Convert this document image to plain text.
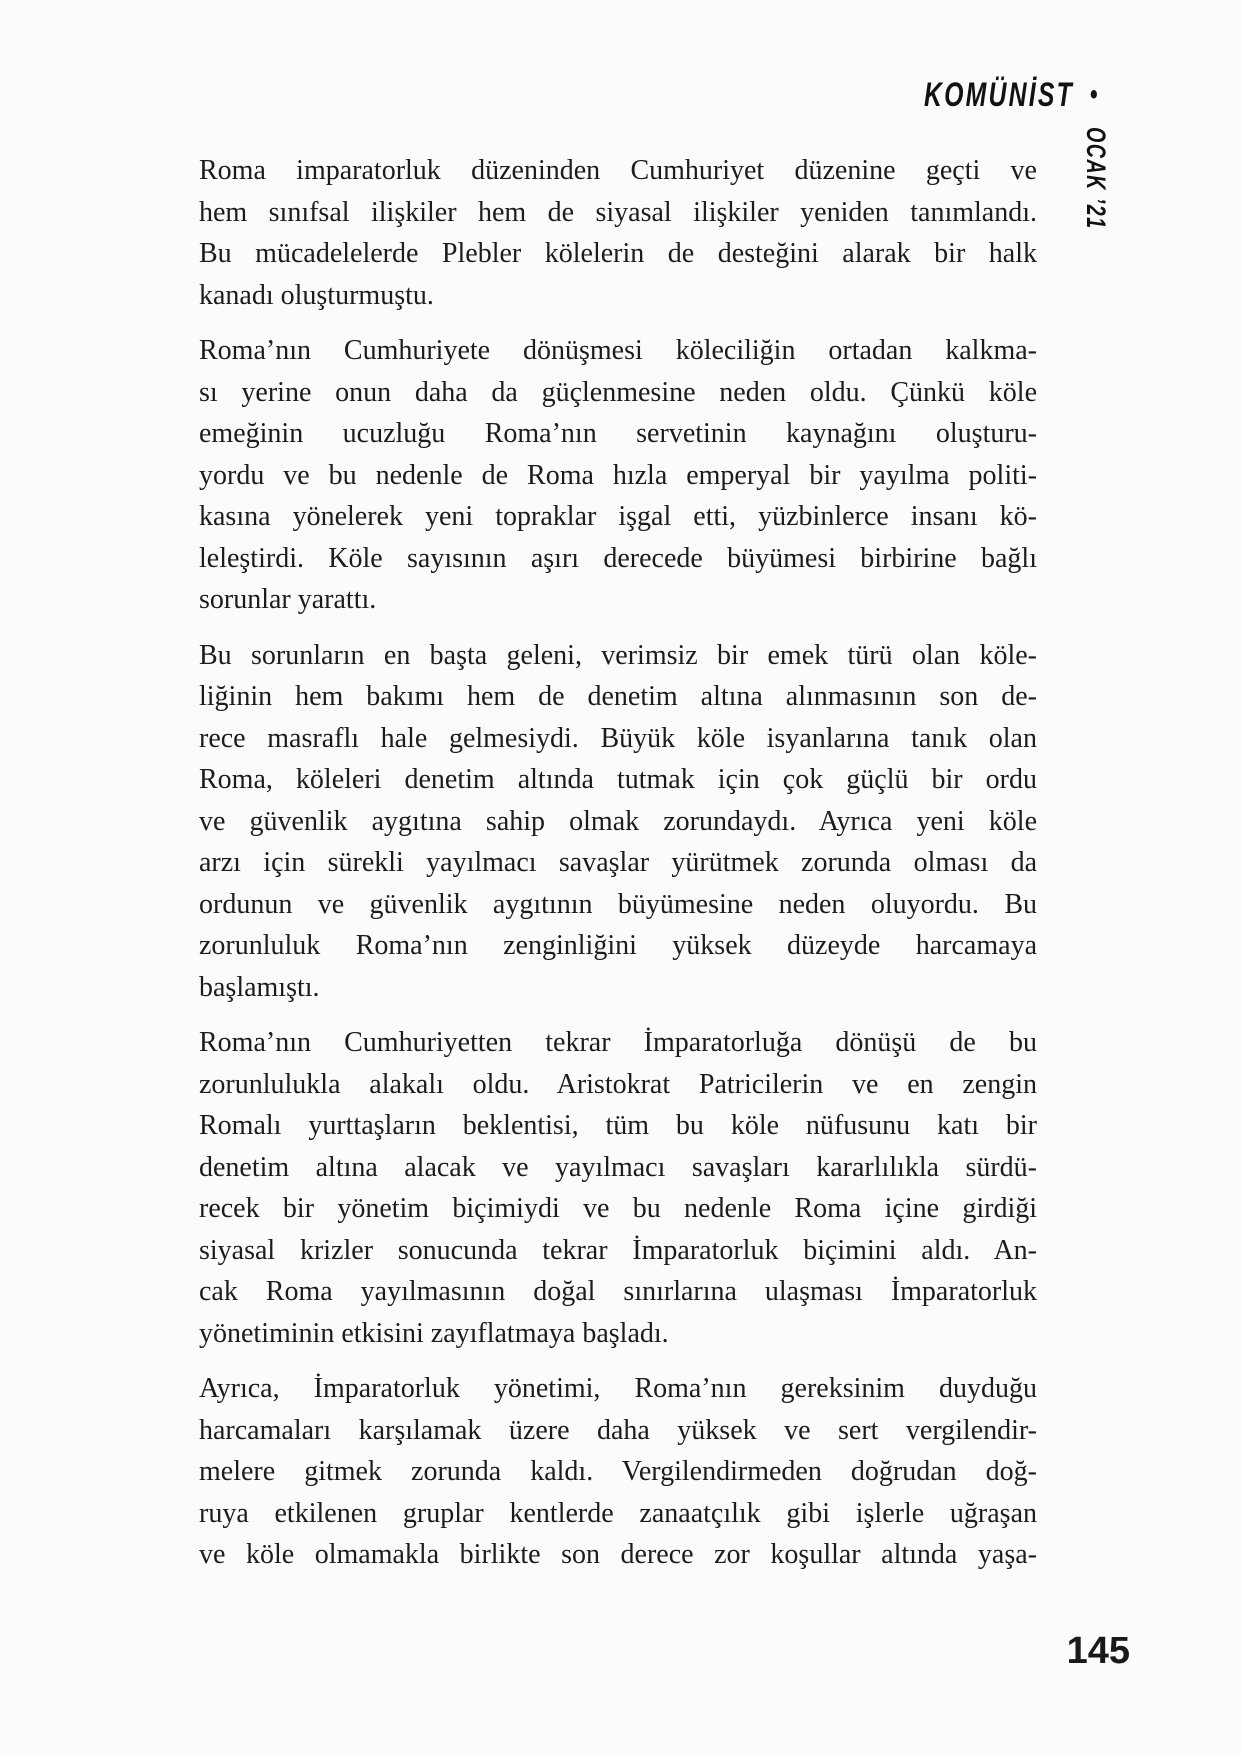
KOMÜNİST •
OCAK ’21

Roma imparatorluk düzeninden Cumhuriyet düzenine geçti ve
hem sınıfsal ilişkiler hem de siyasal ilişkiler yeniden tanımlandı.
Bu mücadelelerde Plebler kölelerin de desteğini alarak bir halk
kanadı oluşturmuştu.

Roma’nın Cumhuriyete dönüşmesi köleciliğin ortadan kalkma-
sı yerine onun daha da güçlenmesine neden oldu. Çünkü köle
emeğinin ucuzluğu Roma’nın servetinin kaynağını oluşturu-
yordu ve bu nedenle de Roma hızla emperyal bir yayılma politi-
kasına yönelerek yeni topraklar işgal etti, yüzbinlerce insanı kö-
leleştirdi. Köle sayısının aşırı derecede büyümesi birbirine bağlı
sorunlar yarattı.

Bu sorunların en başta geleni, verimsiz bir emek türü olan köle-
liğinin hem bakımı hem de denetim altına alınmasının son de-
rece masraflı hale gelmesiydi. Büyük köle isyanlarına tanık olan
Roma, köleleri denetim altında tutmak için çok güçlü bir ordu
ve güvenlik aygıtına sahip olmak zorundaydı. Ayrıca yeni köle
arzı için sürekli yayılmacı savaşlar yürütmek zorunda olması da
ordunun ve güvenlik aygıtının büyümesine neden oluyordu. Bu
zorunluluk Roma’nın zenginliğini yüksek düzeyde harcamaya
başlamıştı.

Roma’nın Cumhuriyetten tekrar İmparatorluğa dönüşü de bu
zorunlulukla alakalı oldu. Aristokrat Patricilerin ve en zengin
Romalı yurttaşların beklentisi, tüm bu köle nüfusunu katı bir
denetim altına alacak ve yayılmacı savaşları kararlılıkla sürdü-
recek bir yönetim biçimiydi ve bu nedenle Roma içine girdiği
siyasal krizler sonucunda tekrar İmparatorluk biçimini aldı. An-
cak Roma yayılmasının doğal sınırlarına ulaşması İmparatorluk
yönetiminin etkisini zayıflatmaya başladı.

Ayrıca, İmparatorluk yönetimi, Roma’nın gereksinim duyduğu
harcamaları karşılamak üzere daha yüksek ve sert vergilendir-
melere gitmek zorunda kaldı. Vergilendirmeden doğrudan doğ-
ruya etkilenen gruplar kentlerde zanaatçılık gibi işlerle uğraşan
ve köle olmamakla birlikte son derece zor koşullar altında yaşa-

145
